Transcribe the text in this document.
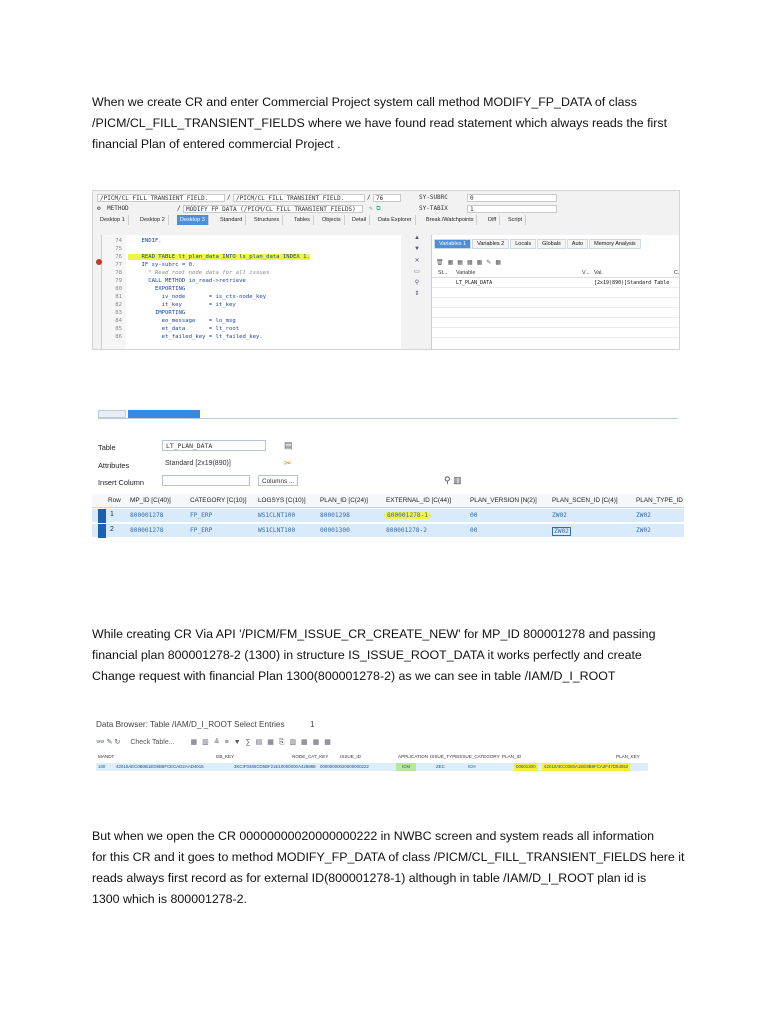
When we create CR and enter Commercial Project system call method MODIFY_FP_DATA of class
/PICM/CL_FILL_TRANSIENT_FIELDS where we have found read statement which always reads the first
financial Plan of entered commercial Project .
/PICM/CL_FILL_TRANSIENT_FIELD.	/ /PICM/CL_FILL_TRANSIENT_FIELD.	/ 76	SY-SUBRC	0
⚙ METHOD	/ MODIFY_FP_DATA (/PICM/CL_FILL_TRANSIENT_FIELDS)	✎ ⧉	SY-TABIX	1
Desktop 1	Desktop 2	Desktop 3	Standard	Structures	Tables	Objects	Detail	Data Explorer	Break./Watchpoints	Diff	Script
74    ENDIF.
75
76    READ TABLE lt_plan_data INTO ls_plan_data INDEX 1.
77    IF sy-subrc = 0.
78      " Read root node data for all issues
79      CALL METHOD io_read->retrieve
80        EXPORTING
81          iv_node       = is_ctx-node_key
82          it_key        = it_key
83        IMPORTING
84          eo_message    = lo_msg
85          et_data       = lt_root
86          et_failed_key = lt_failed_key.
▲
▼
✕
▭
⚲
⇕
Variables 1 Variables 2 Locals Globals Auto Memory Analysis
🗑▦▦▦▦✎▦
St... Variable	V... Val.	C.
LT_PLAN_DATA	[2x19(890)]Standard Table
Table	LT_PLAN_DATA	▤
Attributes	Standard [2x19(890)]	✂
Insert Column	Columns ...	⚲ ▥
Row MP_ID [C(40)]	CATEGORY [C(10)] LOGSYS [C(10)] PLAN_ID [C(24)]	EXTERNAL_ID [C(44)]	PLAN_VERSION [N(2)] PLAN_SCEN_ID [C(4)]	PLAN_TYPE_ID
1	800001278	FP_ERP	WS1CLNT100	80001298	800001278-1	00	ZW02	ZW02
2	800001278	FP_ERP	WS1CLNT100	00001300	800001278-2	00	ZW02	ZW02
While creating CR Via API '/PICM/FM_ISSUE_CR_CREATE_NEW' for MP_ID 800001278 and passing
financial plan 800001278-2 (1300) in structure IS_ISSUE_ROOT_DATA it works perfectly and create
Change request with financial Plan 1300(800001278-2) as we can see in table /IAM/D_I_ROOT
Data Browser: Table /IAM/D_I_ROOT Select Entries	1
👓 ✎ ↻ Check Table... ▦▥≜≡▼∑▤▦⎘▥▦▦▦
MANDT	DB_KEY	NODE_CAT_KEY	ISSUE_ID	APPLICATION ISSUE_TYPE ISSUE_CATEGORY PLAN_ID	PLAN_KEY
100 42010AEC0B0B1ED9B8FCECAD2AAD4015	3KCIF0486CD5BF21E10000000A428888 00000000020000000222	ICM	ZEC	ICH	00001300	42010AEC0380A1EE9B6FCA2F47D54052
But when we open the CR 00000000020000000222 in NWBC screen and system reads all information
for this CR and it goes to method MODIFY_FP_DATA of class /PICM/CL_FILL_TRANSIENT_FIELDS here it
reads always first record as for external ID(800001278-1) although in table /IAM/D_I_ROOT plan id is
1300 which is 800001278-2.
